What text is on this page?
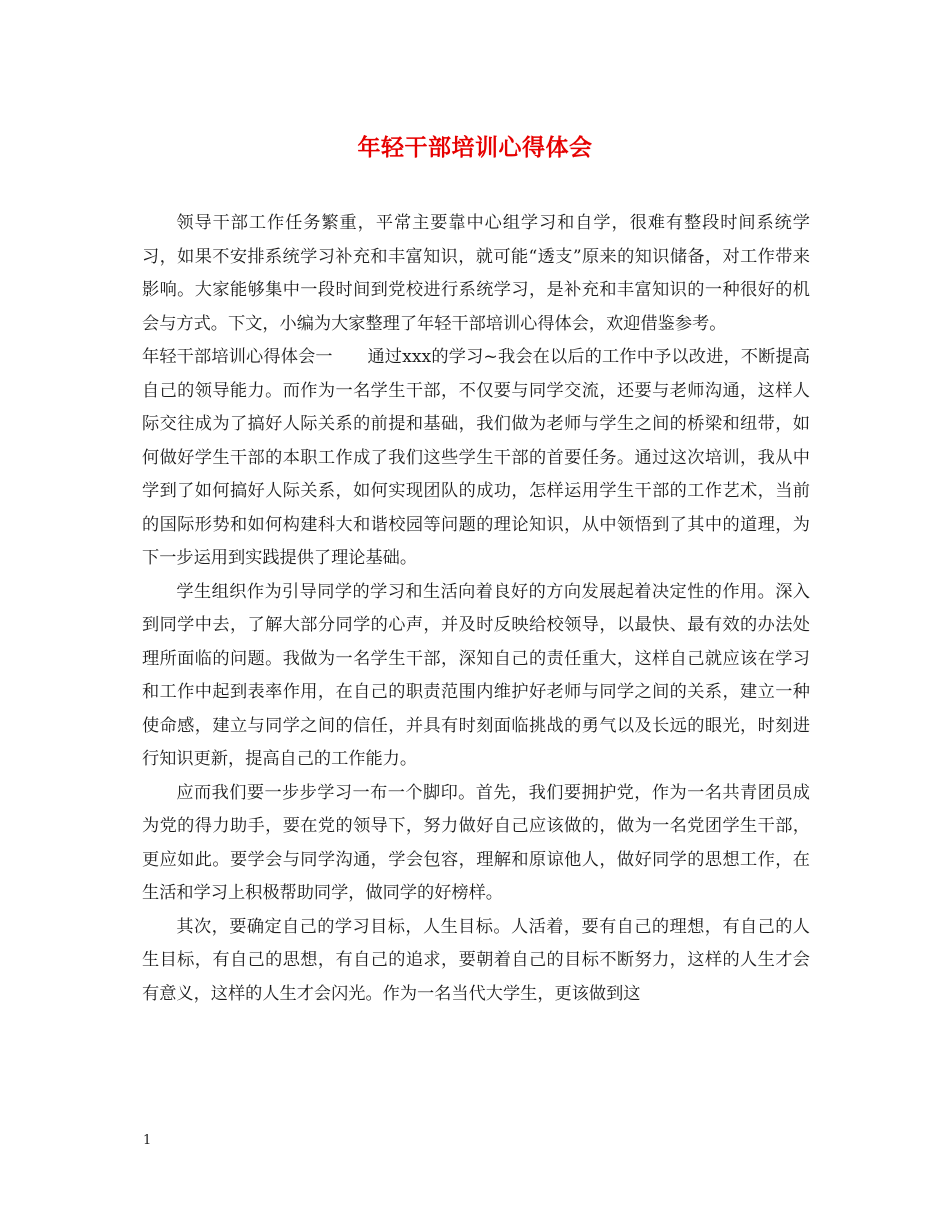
年轻干部培训心得体会

领导干部工作任务繁重，平常主要靠中心组学习和自学，很难有整段时间系统学习，如果不安排系统学习补充和丰富知识，就可能“透支”原来的知识储备，对工作带来影响。大家能够集中一段时间到党校进行系统学习，是补充和丰富知识的一种很好的机会与方式。下文，小编为大家整理了年轻干部培训心得体会，欢迎借鉴参考。

年轻干部培训心得体会一　　通过xxx的学习~我会在以后的工作中予以改进，不断提高自己的领导能力。而作为一名学生干部，不仅要与同学交流，还要与老师沟通，这样人际交往成为了搞好人际关系的前提和基础，我们做为老师与学生之间的桥梁和纽带，如何做好学生干部的本职工作成了我们这些学生干部的首要任务。通过这次培训，我从中学到了如何搞好人际关系，如何实现团队的成功，怎样运用学生干部的工作艺术，当前的国际形势和如何构建科大和谐校园等问题的理论知识，从中领悟到了其中的道理，为下一步运用到实践提供了理论基础。

学生组织作为引导同学的学习和生活向着良好的方向发展起着决定性的作用。深入到同学中去，了解大部分同学的心声，并及时反映给校领导，以最快、最有效的办法处理所面临的问题。我做为一名学生干部，深知自己的责任重大，这样自己就应该在学习和工作中起到表率作用，在自己的职责范围内维护好老师与同学之间的关系，建立一种使命感，建立与同学之间的信任，并具有时刻面临挑战的勇气以及长远的眼光，时刻进行知识更新，提高自己的工作能力。

应而我们要一步步学习一布一个脚印。首先，我们要拥护党，作为一名共青团员成为党的得力助手，要在党的领导下，努力做好自己应该做的，做为一名党团学生干部，更应如此。要学会与同学沟通，学会包容，理解和原谅他人，做好同学的思想工作，在生活和学习上积极帮助同学，做同学的好榜样。

其次，要确定自己的学习目标，人生目标。人活着，要有自己的理想，有自己的人生目标，有自己的思想，有自己的追求，要朝着自己的目标不断努力，这样的人生才会有意义，这样的人生才会闪光。作为一名当代大学生，更该做到这

1
